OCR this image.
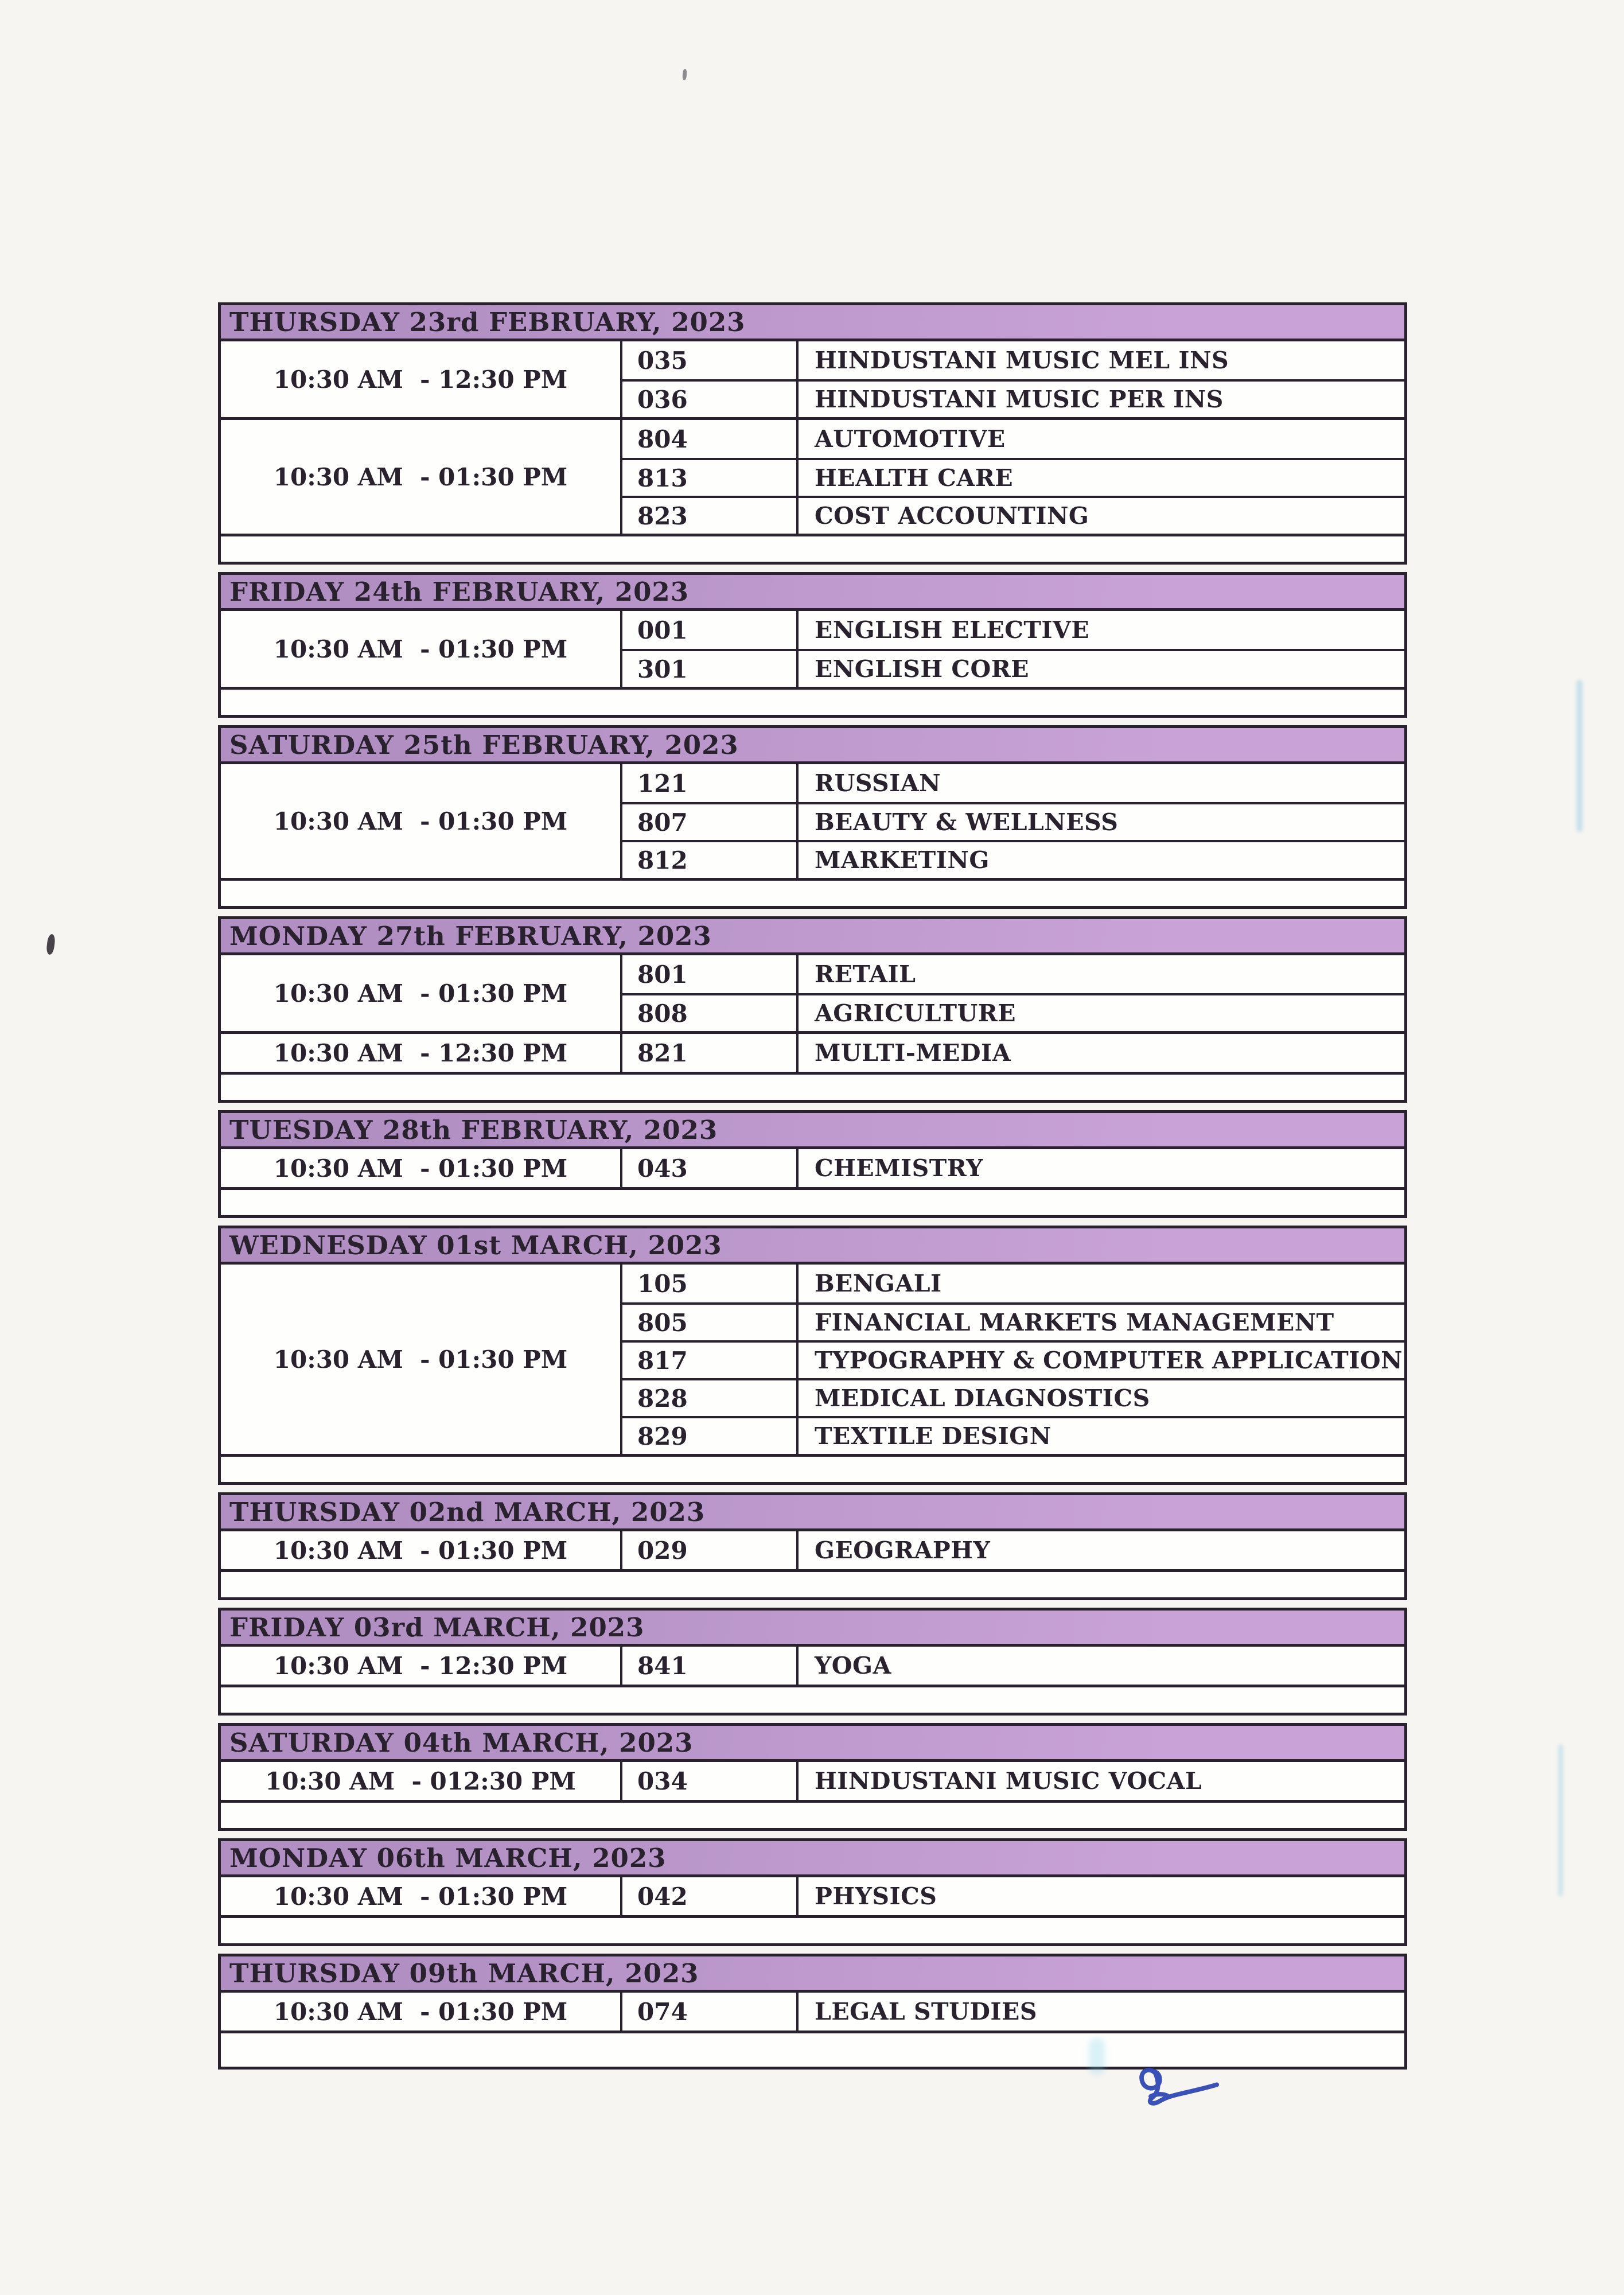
THURSDAY 23rd FEBRUARY, 2023
10:30 AM  - 12:30 PM
035	HINDUSTANI MUSIC MEL INS
036	HINDUSTANI MUSIC PER INS
10:30 AM  - 01:30 PM
804	AUTOMOTIVE
813	HEALTH CARE
823	COST ACCOUNTING
FRIDAY 24th FEBRUARY, 2023
10:30 AM  - 01:30 PM
001	ENGLISH ELECTIVE
301	ENGLISH CORE
SATURDAY 25th FEBRUARY, 2023
10:30 AM  - 01:30 PM
121	RUSSIAN
807	BEAUTY & WELLNESS
812	MARKETING
MONDAY 27th FEBRUARY, 2023
10:30 AM  - 01:30 PM
801	RETAIL
808	AGRICULTURE
10:30 AM  - 12:30 PM	821	MULTI-MEDIA
TUESDAY 28th FEBRUARY, 2023
10:30 AM  - 01:30 PM	043	CHEMISTRY
WEDNESDAY 01st MARCH, 2023
10:30 AM  - 01:30 PM
105	BENGALI
805	FINANCIAL MARKETS MANAGEMENT
817	TYPOGRAPHY & COMPUTER APPLICATION
828	MEDICAL DIAGNOSTICS
829	TEXTILE DESIGN
THURSDAY 02nd MARCH, 2023
10:30 AM  - 01:30 PM	029	GEOGRAPHY
FRIDAY 03rd MARCH, 2023
10:30 AM  - 12:30 PM	841	YOGA
SATURDAY 04th MARCH, 2023
10:30 AM  - 012:30 PM	034	HINDUSTANI MUSIC VOCAL
MONDAY 06th MARCH, 2023
10:30 AM  - 01:30 PM	042	PHYSICS
THURSDAY 09th MARCH, 2023
10:30 AM  - 01:30 PM	074	LEGAL STUDIES
